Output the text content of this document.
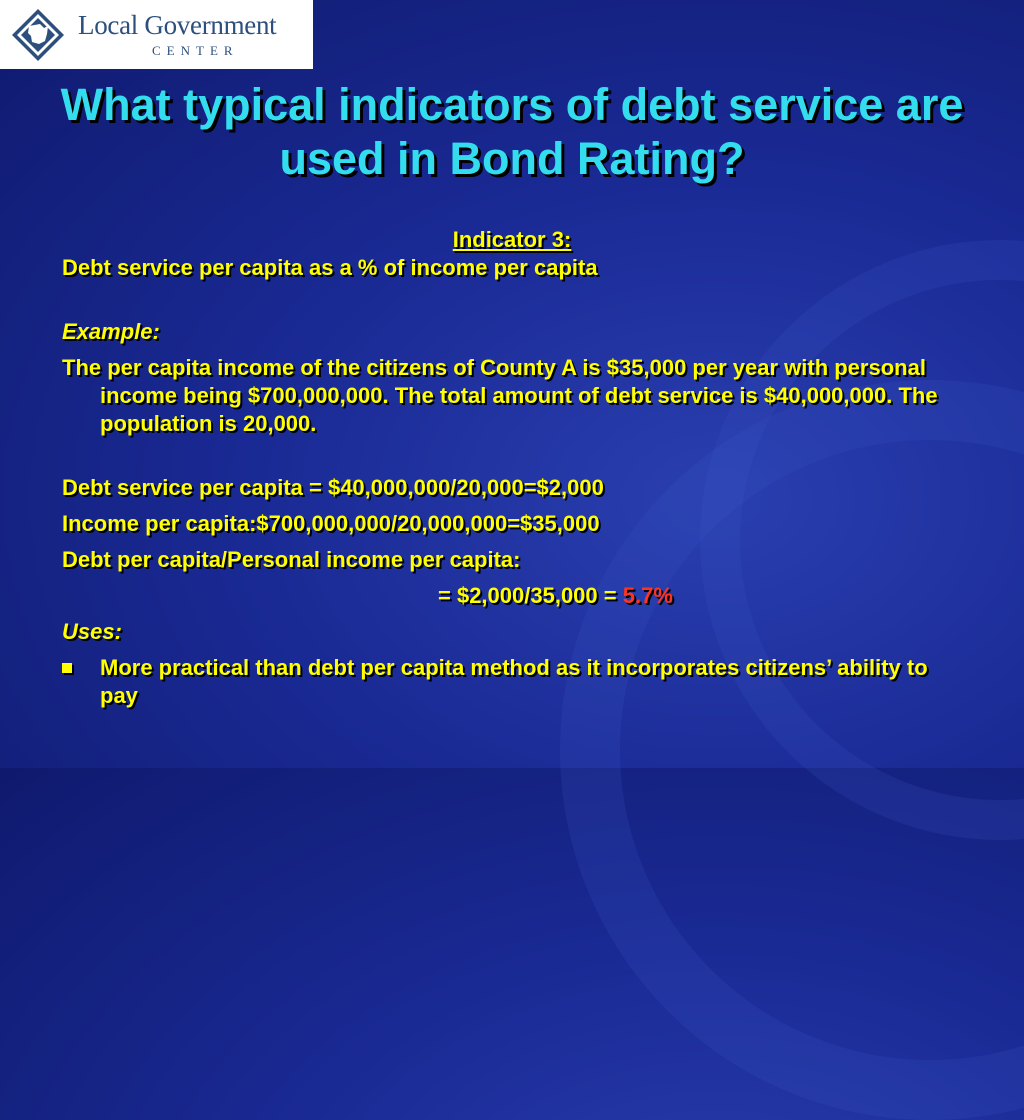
Local Government
CENTER
What typical indicators of debt service are used in Bond Rating?
Indicator 3:
Debt service per capita as a % of income per capita
Example:
The per capita income of the citizens of County A is $35,000 per year with personal income being $700,000,000. The total amount of debt service is $40,000,000. The population is 20,000.
Debt service per capita = $40,000,000/20,000=$2,000
Income per capita:$700,000,000/20,000,000=$35,000
Debt per capita/Personal income per capita:
= $2,000/35,000 = 5.7%
Uses:
More practical than debt per capita method as it incorporates citizens’ ability to pay
